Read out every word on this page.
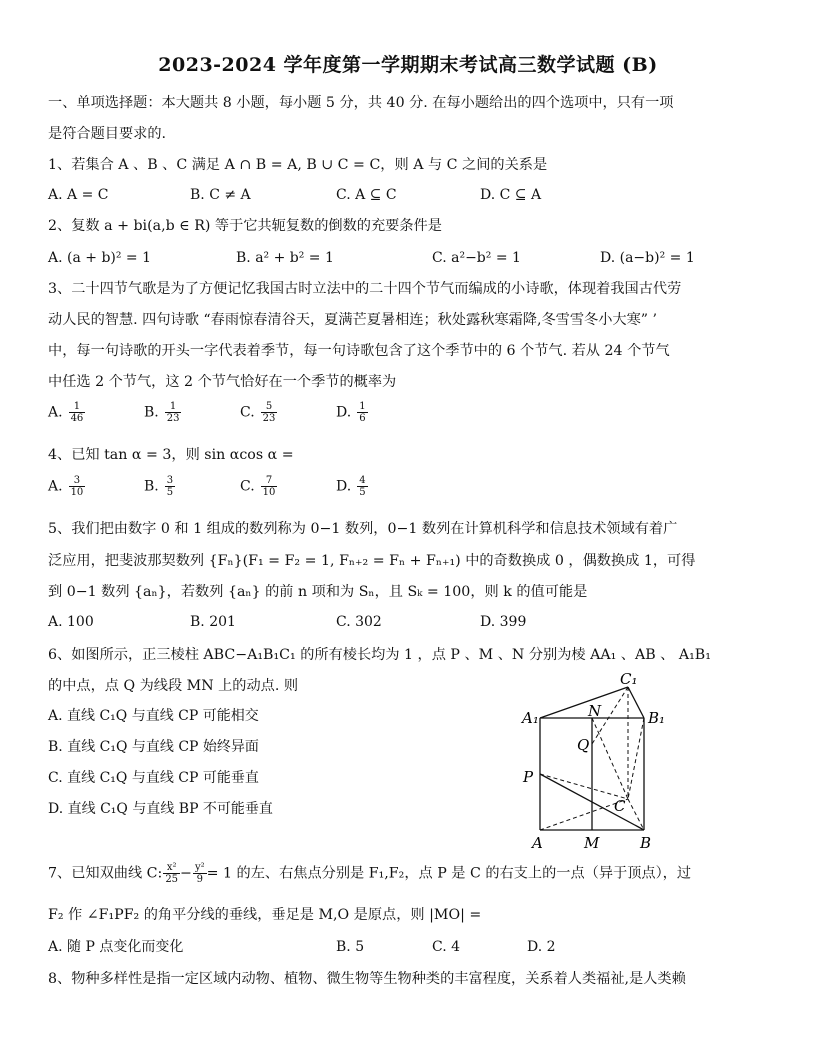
2023-2024 学年度第一学期期末考试高三数学试题 (B)
一、单项选择题：本大题共 8 小题，每小题 5 分，共 40 分. 在每小题给出的四个选项中，只有一项
是符合题目要求的.
1、若集合 A 、B 、C 满足 A ∩ B = A, B ∪ C = C，则 A 与 C 之间的关系是
A. A = C	B. C ≠ A	C. A ⊆ C	D. C ⊆ A
2、复数 a + bi(a,b ∈ R) 等于它共轭复数的倒数的充要条件是
A. (a + b)² = 1	B. a² + b² = 1	C. a²−b² = 1	D. (a−b)² = 1
3、二十四节气歌是为了方便记忆我国古时立法中的二十四个节气而编成的小诗歌，体现着我国古代劳
动人民的智慧. 四句诗歌 “春雨惊春清谷天，夏满芒夏暑相连；秋处露秋寒霜降,冬雪雪冬小大寒” ’
中，每一句诗歌的开头一字代表着季节，每一句诗歌包含了这个季节中的 6 个节气. 若从 24 个节气
中任选 2 个节气，这 2 个节气恰好在一个季节的概率为
A. $\frac{1}{46}$	B. $\frac{1}{23}$	C. $\frac{5}{23}$	D. $\frac{1}{6}$
4、已知 tan α = 3，则 sin αcos α =
A. $\frac{3}{10}$	B. $\frac{3}{5}$	C. $\frac{7}{10}$	D. $\frac{4}{5}$
5、我们把由数字 0 和 1 组成的数列称为 0−1 数列，0−1 数列在计算机科学和信息技术领域有着广
泛应用，把斐波那契数列 {Fₙ}(F₁ = F₂ = 1, Fₙ₊₂ = Fₙ + Fₙ₊₁) 中的奇数换成 0 ，偶数换成 1，可得
到 0−1 数列 {aₙ}，若数列 {aₙ} 的前 n 项和为 Sₙ，且 Sₖ = 100，则 k 的值可能是
A. 100	B. 201	C. 302	D. 399
6、如图所示，正三棱柱 ABC−A₁B₁C₁ 的所有棱长均为 1 ，点 P 、M 、N 分别为棱 AA₁ 、AB 、 A₁B₁
的中点，点 Q 为线段 MN 上的动点. 则
A. 直线 C₁Q 与直线 CP 可能相交
B. 直线 C₁Q 与直线 CP 始终异面
C. 直线 C₁Q 与直线 CP 可能垂直
D. 直线 C₁Q 与直线 BP 不可能垂直
C₁
A₁	B₁
N
Q
P
C
A	M	B
7、已知双曲线 C: $\frac{\text{x²}}{25} - \frac{\text{y²}}{9} = 1$ 的左、右焦点分别是 F₁,F₂，点 P 是 C 的右支上的一点（异于顶点），过
F₂ 作 ∠F₁PF₂ 的角平分线的垂线，垂足是 M,O 是原点，则 |MO| =
A. 随 P 点变化而变化	B. 5	C. 4	D. 2
8、物种多样性是指一定区域内动物、植物、微生物等生物种类的丰富程度，关系着人类福祉,是人类赖
